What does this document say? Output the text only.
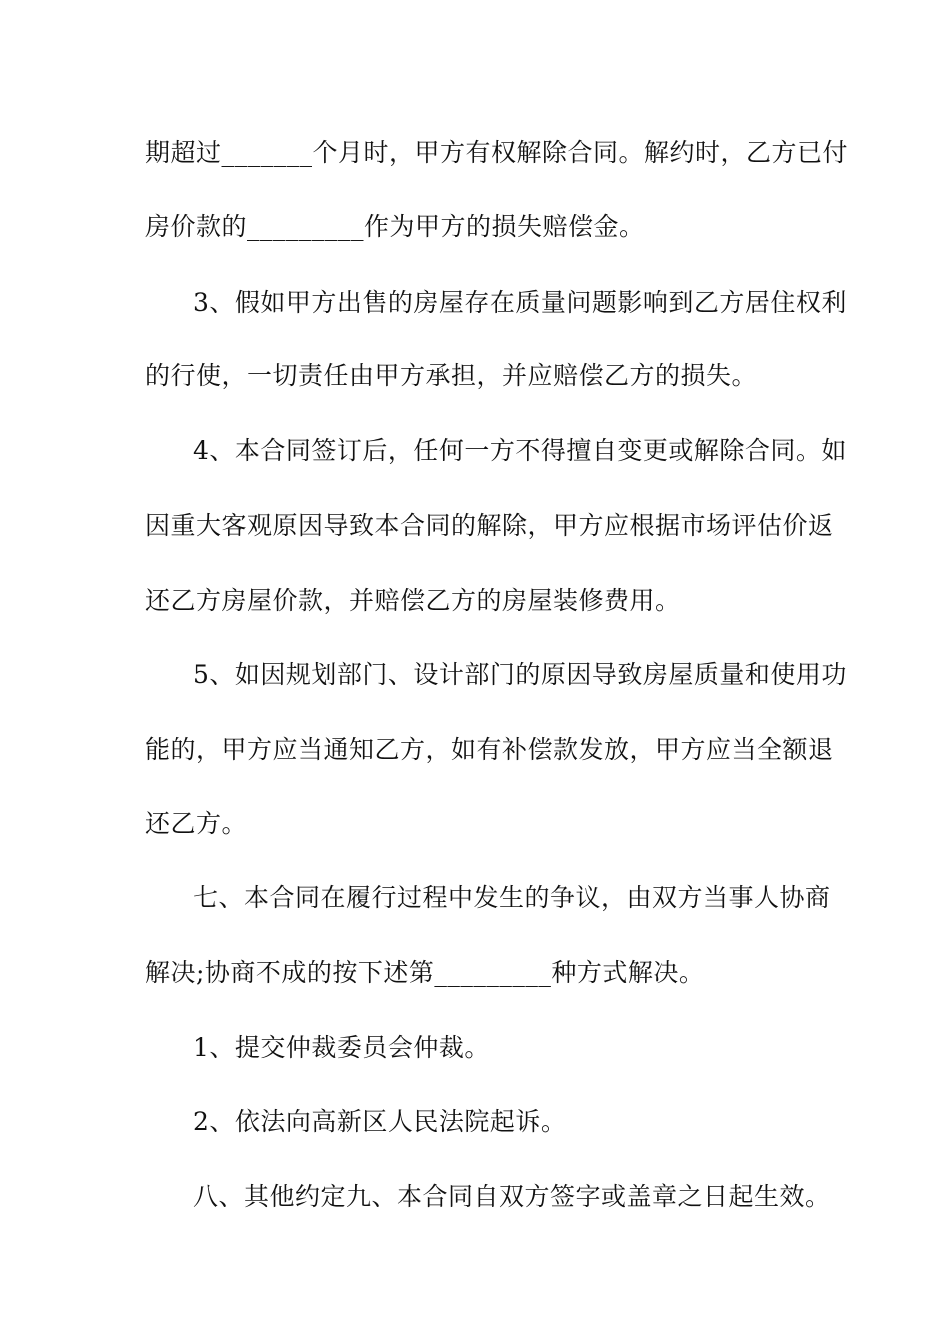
期超过_______个月时，甲方有权解除合同。解约时，乙方已付
房价款的_________作为甲方的损失赔偿金。
3、假如甲方出售的房屋存在质量问题影响到乙方居住权利
的行使，一切责任由甲方承担，并应赔偿乙方的损失。
4、本合同签订后，任何一方不得擅自变更或解除合同。如
因重大客观原因导致本合同的解除，甲方应根据市场评估价返
还乙方房屋价款，并赔偿乙方的房屋装修费用。
5、如因规划部门、设计部门的原因导致房屋质量和使用功
能的，甲方应当通知乙方，如有补偿款发放，甲方应当全额退
还乙方。
七、本合同在履行过程中发生的争议，由双方当事人协商
解决;协商不成的按下述第_________种方式解决。
1、提交仲裁委员会仲裁。
2、依法向高新区人民法院起诉。
八、其他约定九、本合同自双方签字或盖章之日起生效。
